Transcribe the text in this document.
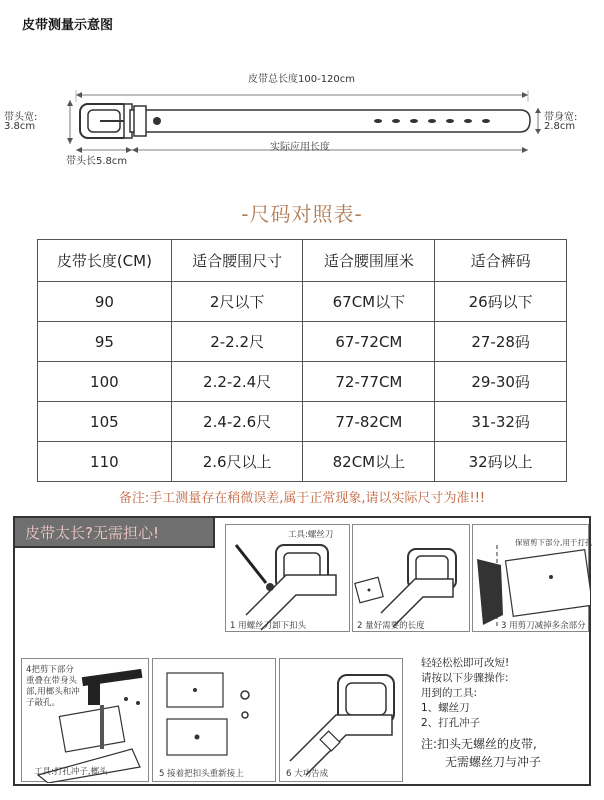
皮带测量示意图
皮带总长度100-120cm
带头宽:
3.8cm
带身宽:
2.8cm
带头长5.8cm
实际应用长度
-尺码对照表-
皮带长度(CM)	适合腰围尺寸	适合腰围厘米	适合裤码
90	2尺以下	67CM以下	26码以下
95	2-2.2尺	67-72CM	27-28码
100	2.2-2.4尺	72-77CM	29-30码
105	2.4-2.6尺	77-82CM	31-32码
110	2.6尺以上	82CM以上	32码以上
备注:手工测量存在稍微误差,属于正常现象,请以实际尺寸为准!!!
皮带太长?无需担心!
1 用螺丝刀卸下扣头
工具:螺丝刀
2 量好需要的长度
保留剪下部分,用于打孔
3 用剪刀减掉多余部分
4把剪下部分重叠在带身头部,用榔头和冲子敲孔。
工具:打孔冲子,榔头	5 接着把扣头重新接上	6 大功告成
轻轻松松即可改短!
请按以下步骤操作:
用到的工具:
1、螺丝刀
2、打孔冲子
注:扣头无螺丝的皮带,
无需螺丝刀与冲子
